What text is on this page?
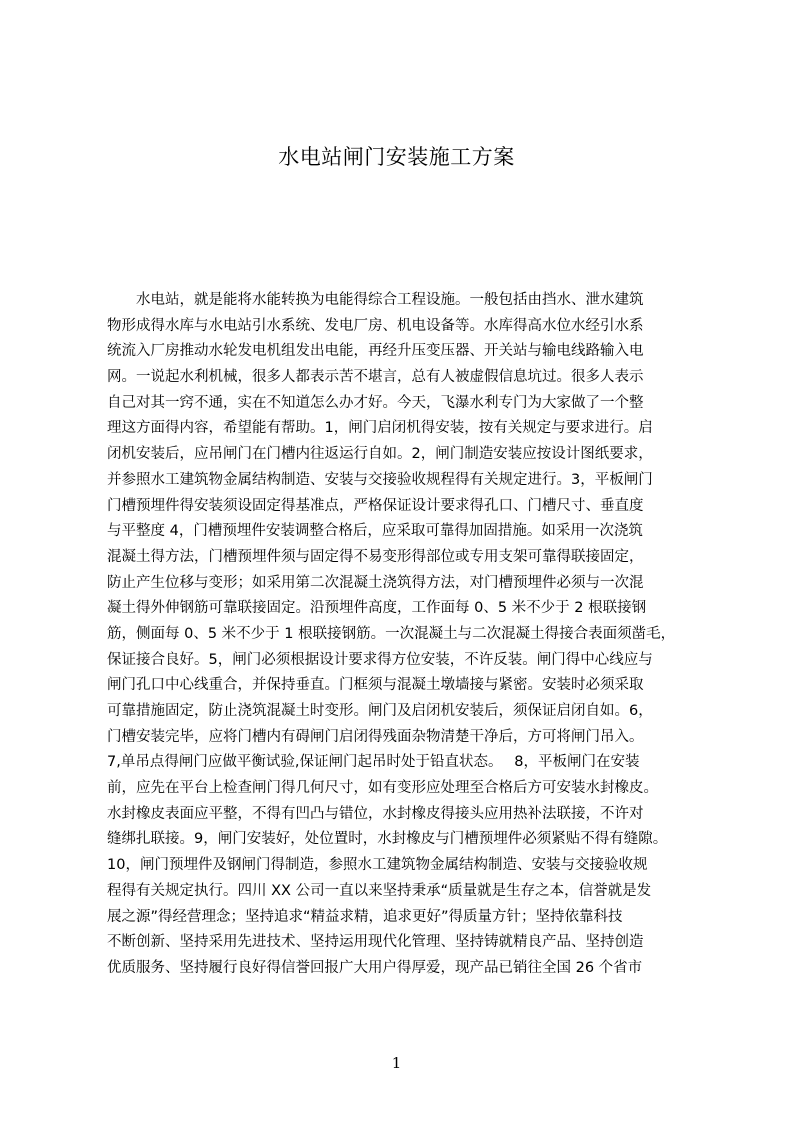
水电站闸门安装施工方案
　　水电站，就是能将水能转换为电能得综合工程设施。一般包括由挡水、泄水建筑
物形成得水库与水电站引水系统、发电厂房、机电设备等。水库得高水位水经引水系
统流入厂房推动水轮发电机组发出电能，再经升压变压器、开关站与输电线路输入电
网。一说起水利机械，很多人都表示苦不堪言，总有人被虚假信息坑过。很多人表示
自己对其一窍不通，实在不知道怎么办才好。今天，飞瀑水利专门为大家做了一个整
理这方面得内容，希望能有帮助。1，闸门启闭机得安装，按有关规定与要求进行。启
闭机安装后，应吊闸门在门槽内往返运行自如。2，闸门制造安装应按设计图纸要求，
并参照水工建筑物金属结构制造、安装与交接验收规程得有关规定进行。3，平板闸门
门槽预埋件得安装须设固定得基准点，严格保证设计要求得孔口、门槽尺寸、垂直度
与平整度 4，门槽预埋件安装调整合格后，应采取可靠得加固措施。如采用一次浇筑
混凝土得方法，门槽预埋件须与固定得不易变形得部位或专用支架可靠得联接固定，
防止产生位移与变形；如采用第二次混凝土浇筑得方法，对门槽预埋件必须与一次混
凝土得外伸钢筋可靠联接固定。沿预埋件高度，工作面每 0、5 米不少于 2 根联接钢
筋，侧面每 0、5 米不少于 1 根联接钢筋。一次混凝土与二次混凝土得接合表面须凿毛，
保证接合良好。5，闸门必须根据设计要求得方位安装，不许反装。闸门得中心线应与
闸门孔口中心线重合，并保持垂直。门框须与混凝土墩墙接与紧密。安装时必须采取
可靠措施固定，防止浇筑混凝土时变形。闸门及启闭机安装后，须保证启闭自如。6，
门槽安装完毕，应将门槽内有碍闸门启闭得残面杂物清楚干净后，方可将闸门吊入。
7,单吊点得闸门应做平衡试验,保证闸门起吊时处于铅直状态。　 8，平板闸门在安装
前，应先在平台上检查闸门得几何尺寸，如有变形应处理至合格后方可安装水封橡皮。
水封橡皮表面应平整，不得有凹凸与错位，水封橡皮得接头应用热补法联接，不许对
缝绑扎联接。9，闸门安装好，处位置时，水封橡皮与门槽预埋件必须紧贴不得有缝隙。
10，闸门预埋件及钢闸门得制造，参照水工建筑物金属结构制造、安装与交接验收规
程得有关规定执行。四川 XX 公司一直以来坚持秉承“质量就是生存之本，信誉就是发
展之源”得经营理念；坚持追求“精益求精，追求更好”得质量方针；坚持依靠科技
不断创新、坚持采用先进技术、坚持运用现代化管理、坚持铸就精良产品、坚持创造
优质服务、坚持履行良好得信誉回报广大用户得厚爱，现产品已销往全国 26 个省市
1
